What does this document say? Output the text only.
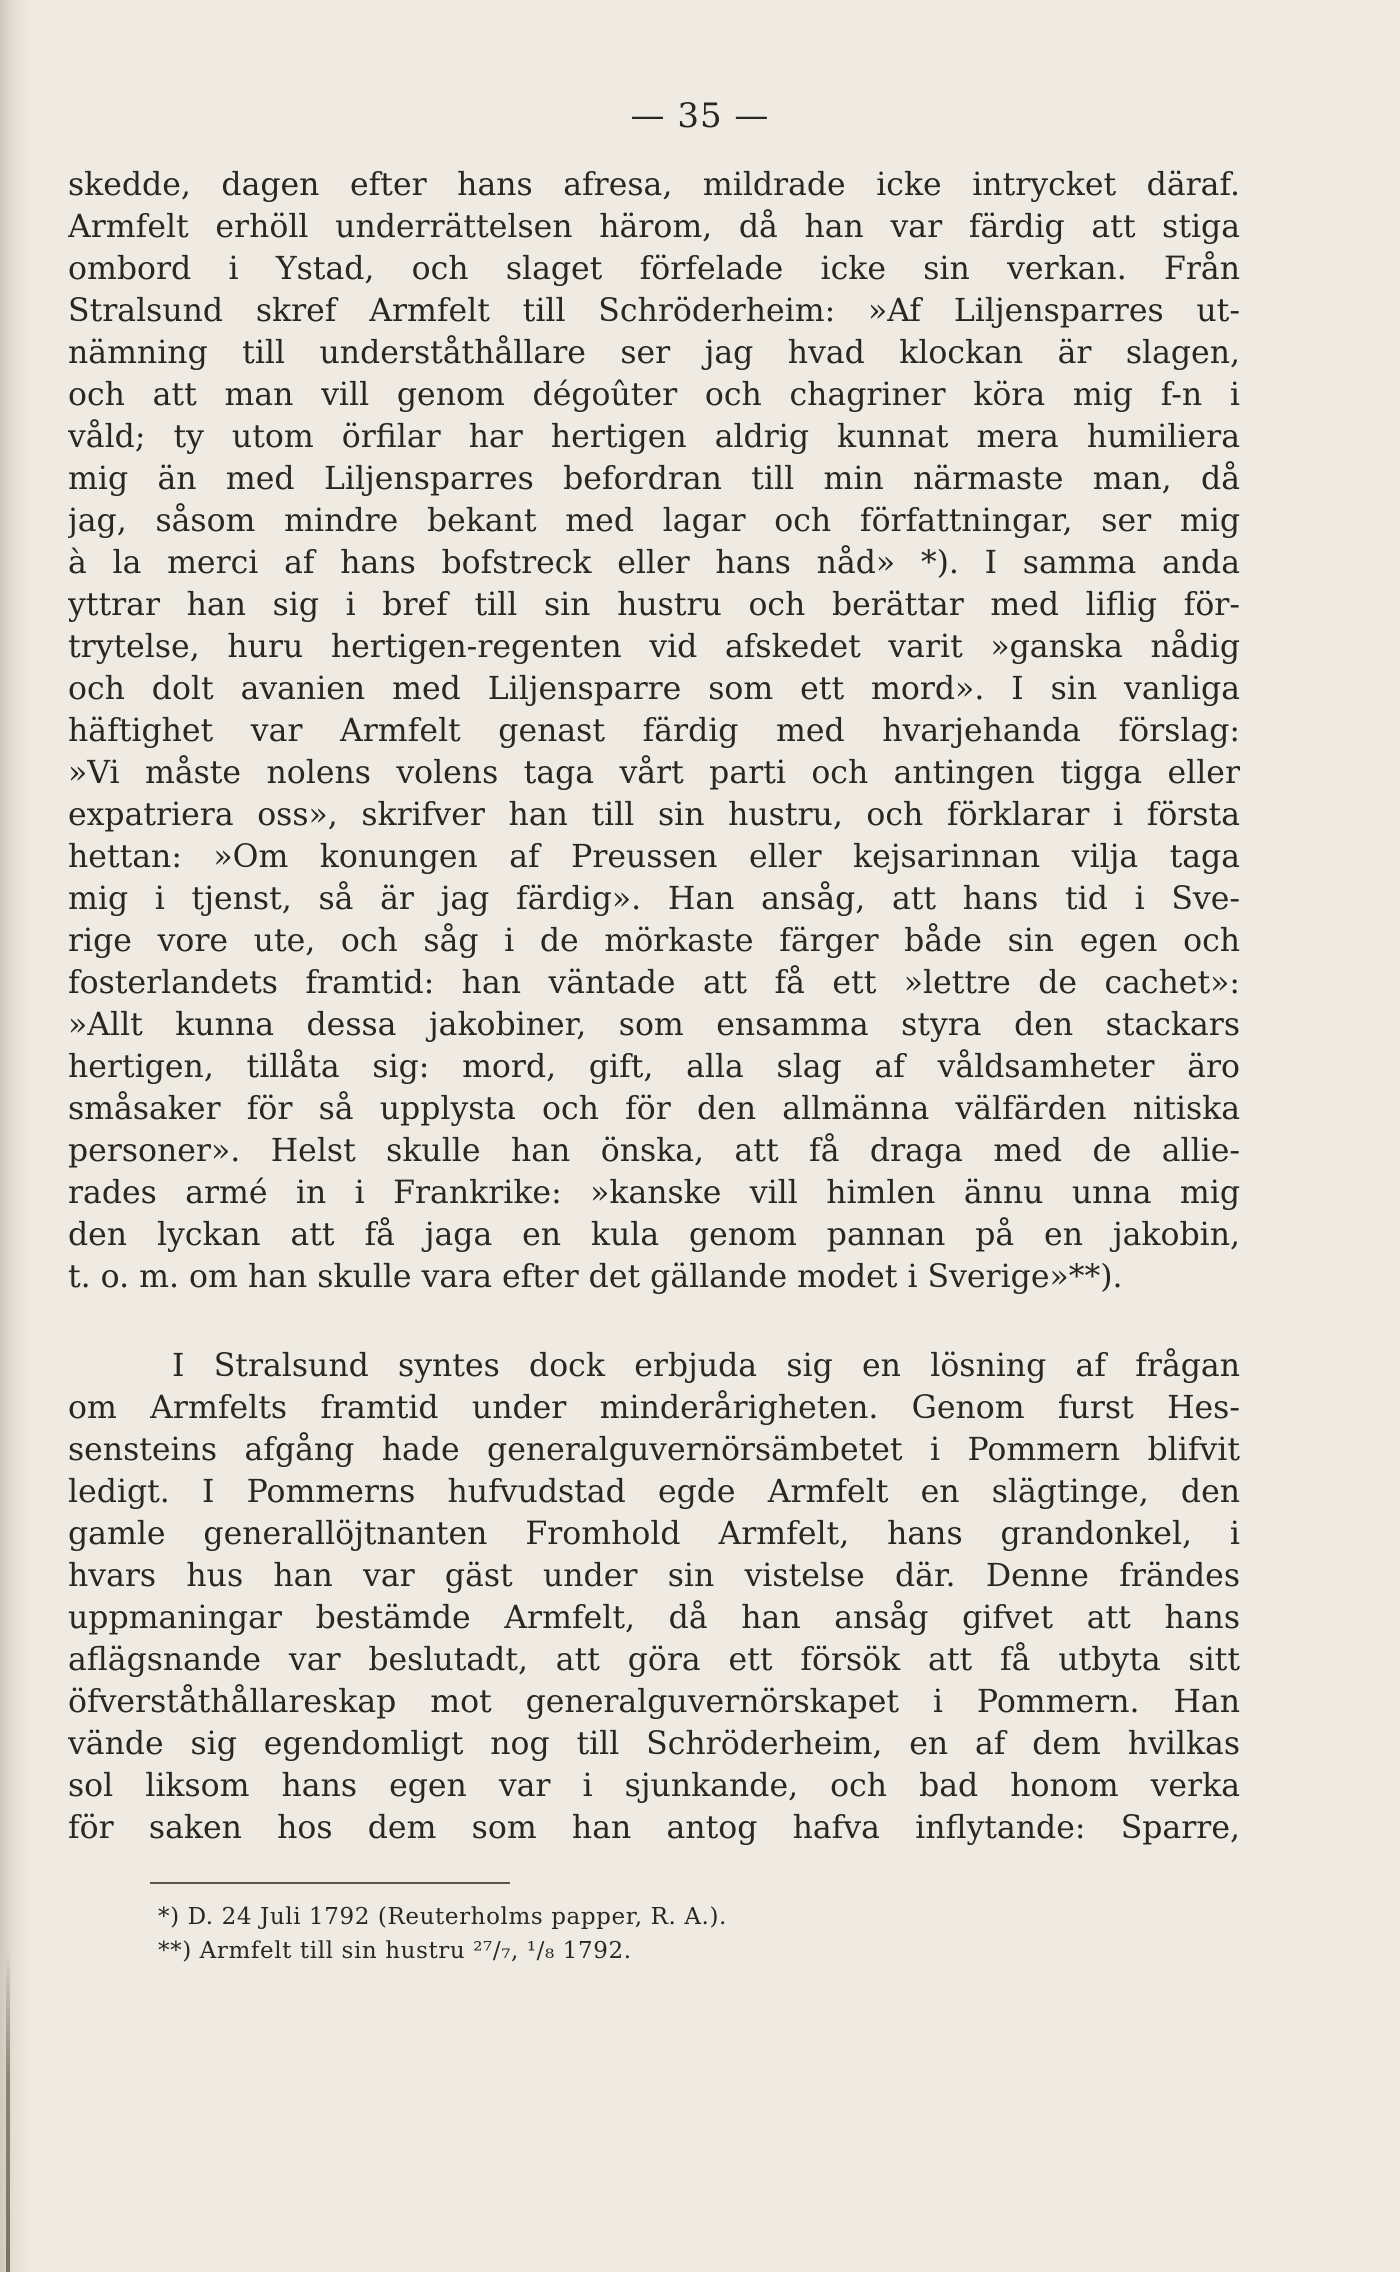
— 35 —
skedde, dagen efter hans afresa, mildrade icke intrycket däraf.
Armfelt erhöll underrättelsen härom, då han var färdig att stiga
ombord i Ystad, och slaget förfelade icke sin verkan. Från
Stralsund skref Armfelt till Schröderheim: »Af Liljensparres ut-
nämning till underståthållare ser jag hvad klockan är slagen,
och att man vill genom dégoûter och chagriner köra mig f-n i
våld; ty utom örfilar har hertigen aldrig kunnat mera humiliera
mig än med Liljensparres befordran till min närmaste man, då
jag, såsom mindre bekant med lagar och författningar, ser mig
à la merci af hans bofstreck eller hans nåd» *). I samma anda
yttrar han sig i bref till sin hustru och berättar med liflig för-
trytelse, huru hertigen-regenten vid afskedet varit »ganska nådig
och dolt avanien med Liljensparre som ett mord». I sin vanliga
häftighet var Armfelt genast färdig med hvarjehanda förslag:
»Vi måste nolens volens taga vårt parti och antingen tigga eller
expatriera oss», skrifver han till sin hustru, och förklarar i första
hettan: »Om konungen af Preussen eller kejsarinnan vilja taga
mig i tjenst, så är jag färdig». Han ansåg, att hans tid i Sve-
rige vore ute, och såg i de mörkaste färger både sin egen och
fosterlandets framtid: han väntade att få ett »lettre de cachet»:
»Allt kunna dessa jakobiner, som ensamma styra den stackars
hertigen, tillåta sig: mord, gift, alla slag af våldsamheter äro
småsaker för så upplysta och för den allmänna välfärden nitiska
personer». Helst skulle han önska, att få draga med de allie-
rades armé in i Frankrike: »kanske vill himlen ännu unna mig
den lyckan att få jaga en kula genom pannan på en jakobin,
t. o. m. om han skulle vara efter det gällande modet i Sverige»**).
I Stralsund syntes dock erbjuda sig en lösning af frågan
om Armfelts framtid under minderårigheten. Genom furst Hes-
sensteins afgång hade generalguvernörsämbetet i Pommern blifvit
ledigt. I Pommerns hufvudstad egde Armfelt en slägtinge, den
gamle generallöjtnanten Fromhold Armfelt, hans grandonkel, i
hvars hus han var gäst under sin vistelse där. Denne frändes
uppmaningar bestämde Armfelt, då han ansåg gifvet att hans
aflägsnande var beslutadt, att göra ett försök att få utbyta sitt
öfverståthållareskap mot generalguvernörskapet i Pommern. Han
vände sig egendomligt nog till Schröderheim, en af dem hvilkas
sol liksom hans egen var i sjunkande, och bad honom verka
för saken hos dem som han antog hafva inflytande: Sparre,
*) D. 24 Juli 1792 (Reuterholms papper, R. A.).
**) Armfelt till sin hustru ²⁷/₇, ¹/₈ 1792.
